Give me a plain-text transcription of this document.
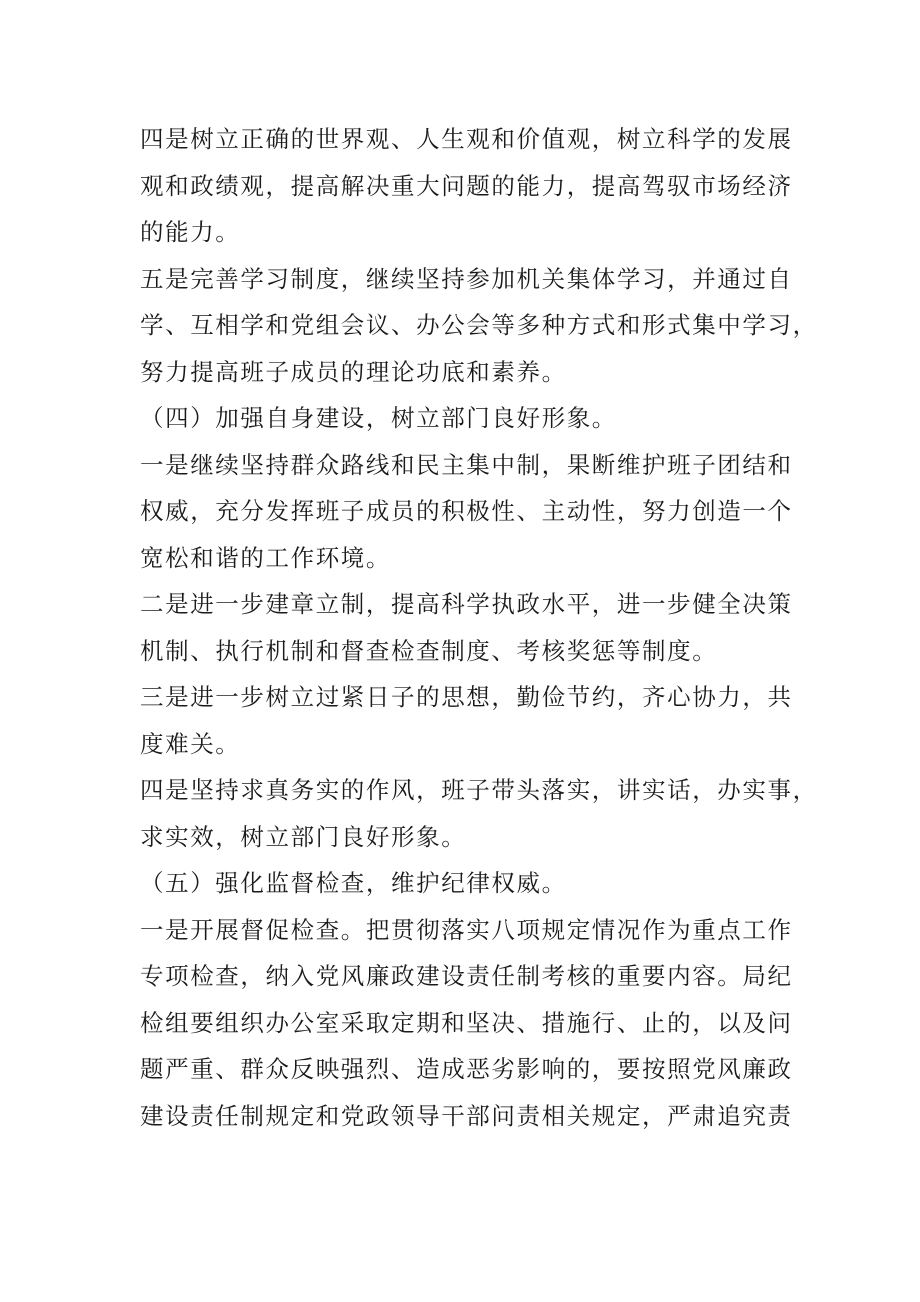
四是树立正确的世界观、人生观和价值观，树立科学的发展
观和政绩观，提高解决重大问题的能力，提高驾驭市场经济
的能力。

五是完善学习制度，继续坚持参加机关集体学习，并通过自
学、互相学和党组会议、办公会等多种方式和形式集中学习，
努力提高班子成员的理论功底和素养。

（四）加强自身建设，树立部门良好形象。

一是继续坚持群众路线和民主集中制，果断维护班子团结和
权威，充分发挥班子成员的积极性、主动性，努力创造一个
宽松和谐的工作环境。

二是进一步建章立制，提高科学执政水平，进一步健全决策
机制、执行机制和督查检查制度、考核奖惩等制度。

三是进一步树立过紧日子的思想，勤俭节约，齐心协力，共
度难关。

四是坚持求真务实的作风，班子带头落实，讲实话，办实事，
求实效，树立部门良好形象。

（五）强化监督检查，维护纪律权威。

一是开展督促检查。把贯彻落实八项规定情况作为重点工作
专项检查，纳入党风廉政建设责任制考核的重要内容。局纪
检组要组织办公室采取定期和坚决、措施行、止的，以及问
题严重、群众反映强烈、造成恶劣影响的，要按照党风廉政
建设责任制规定和党政领导干部问责相关规定，严肃追究责
